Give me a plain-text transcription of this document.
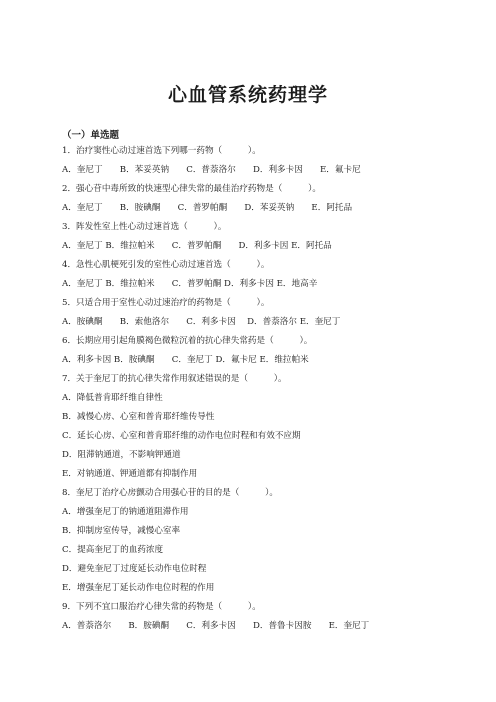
心血管系统药理学
（一）单选题
1．治疗窦性心动过速首选下列哪一药物（　　　）。
A．奎尼丁　　B．苯妥英钠　　C．普萘洛尔　　D．利多卡因　　E．氟卡尼
2．强心苷中毒所致的快速型心律失常的最佳治疗药物是（　　　）。
A．奎尼丁　　B．胺碘酮　　C．普罗帕酮　　D．苯妥英钠　　E．阿托品
3．阵发性室上性心动过速首选（　　　）。
A．奎尼丁 B．维拉帕米　　C．普罗帕酮　　D．利多卡因 E．阿托品
4．急性心肌梗死引发的室性心动过速首选（　　　）。
A．奎尼丁 B．维拉帕米　　C．普罗帕酮 D．利多卡因 E．地高辛
5．只适合用于室性心动过速治疗的药物是（　　　）。
A．胺碘酮　　B．索他洛尔　　C．利多卡因　 D．普萘洛尔 E．奎尼丁
6．长期应用引起角膜褐色微粒沉着的抗心律失常药是（　　　）。
A．利多卡因 B．胺碘酮　　C．奎尼丁 D．氟卡尼 E．维拉帕米
7．关于奎尼丁的抗心律失常作用叙述错误的是（　　　）。
A．降低普肯耶纤维自律性
B．减慢心房、心室和普肯耶纤维传导性
C．延长心房、心室和普肯耶纤维的动作电位时程和有效不应期
D．阻滞钠通道，不影响钾通道
E．对钠通道、钾通道都有抑制作用
8．奎尼丁治疗心房颤动合用强心苷的目的是（　　　）。
A．增强奎尼丁的钠通道阻滞作用
B．抑制房室传导，减慢心室率
C．提高奎尼丁的血药浓度
D．避免奎尼丁过度延长动作电位时程
E．增强奎尼丁延长动作电位时程的作用
9．下列不宜口服治疗心律失常的药物是（　　　）。
A．普萘洛尔　　B．胺碘酮　　C．利多卡因　　D．普鲁卡因胺　　E．奎尼丁
